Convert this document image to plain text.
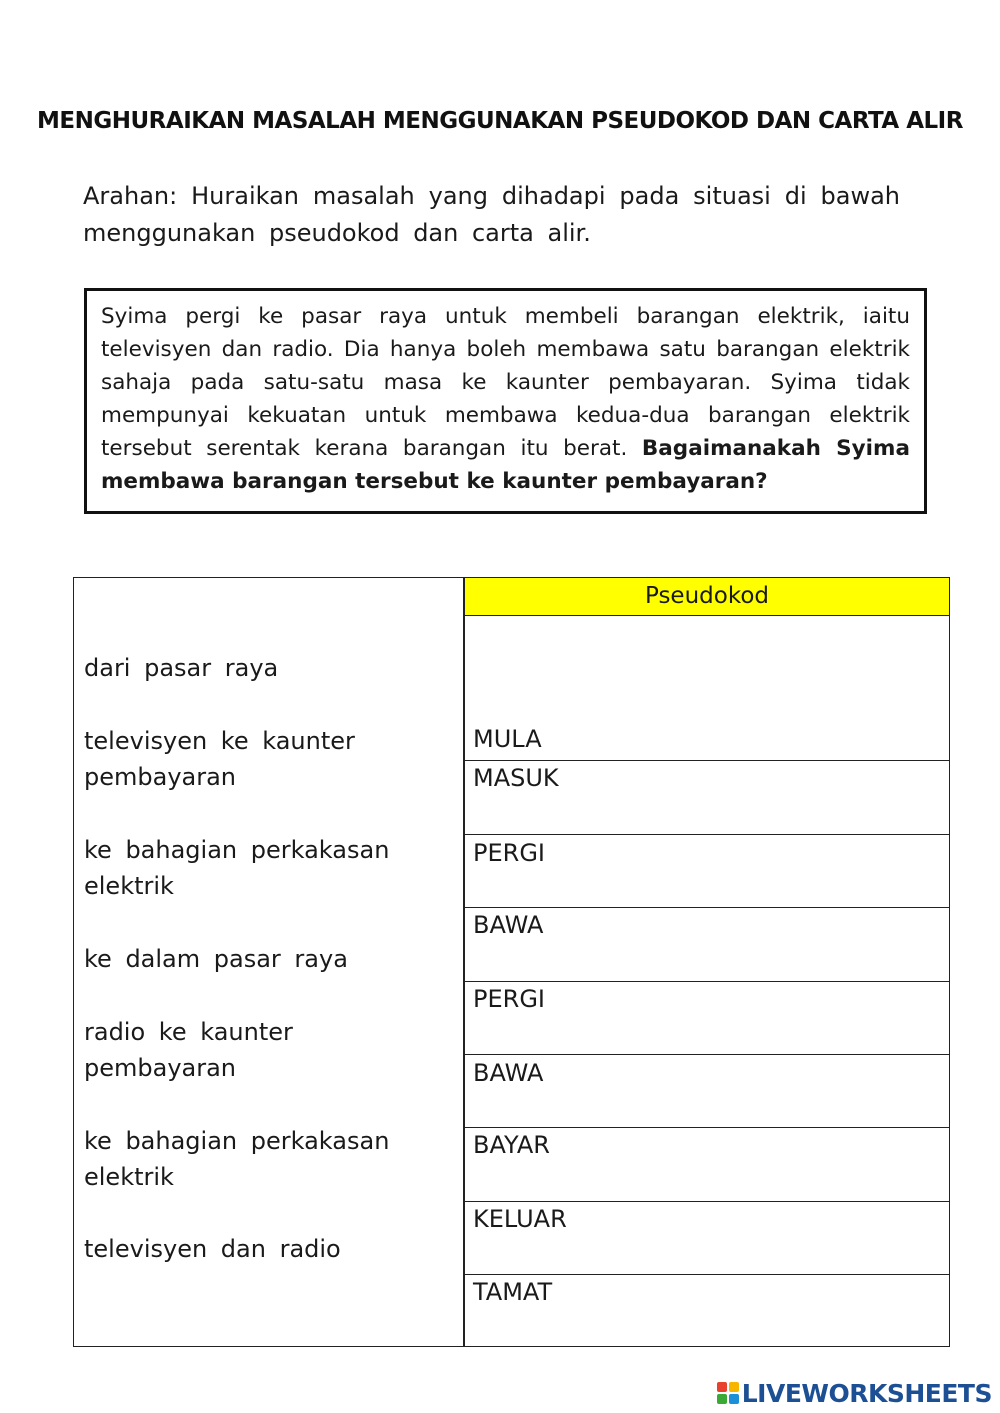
MENGHURAIKAN MASALAH MENGGUNAKAN PSEUDOKOD DAN CARTA ALIR
Arahan: Huraikan masalah yang dihadapi pada situasi di bawah menggunakan pseudokod dan carta alir.
Syima pergi ke pasar raya untuk membeli barangan elektrik, iaitu televisyen dan radio. Dia hanya boleh membawa satu barangan elektrik sahaja pada satu-satu masa ke kaunter pembayaran. Syima tidak mempunyai kekuatan untuk membawa kedua-dua barangan elektrik tersebut serentak kerana barangan itu berat. Bagaimanakah Syima membawa barangan tersebut ke kaunter pembayaran?
dari pasar raya
televisyen ke kaunter pembayaran
ke bahagian perkakasan elektrik
ke dalam pasar raya
radio ke kaunter pembayaran
ke bahagian perkakasan elektrik
televisyen dan radio
Pseudokod
MULA
MASUK
PERGI
BAWA
PERGI
BAWA
BAYAR
KELUAR
TAMAT
LIVEWORKSHEETS
